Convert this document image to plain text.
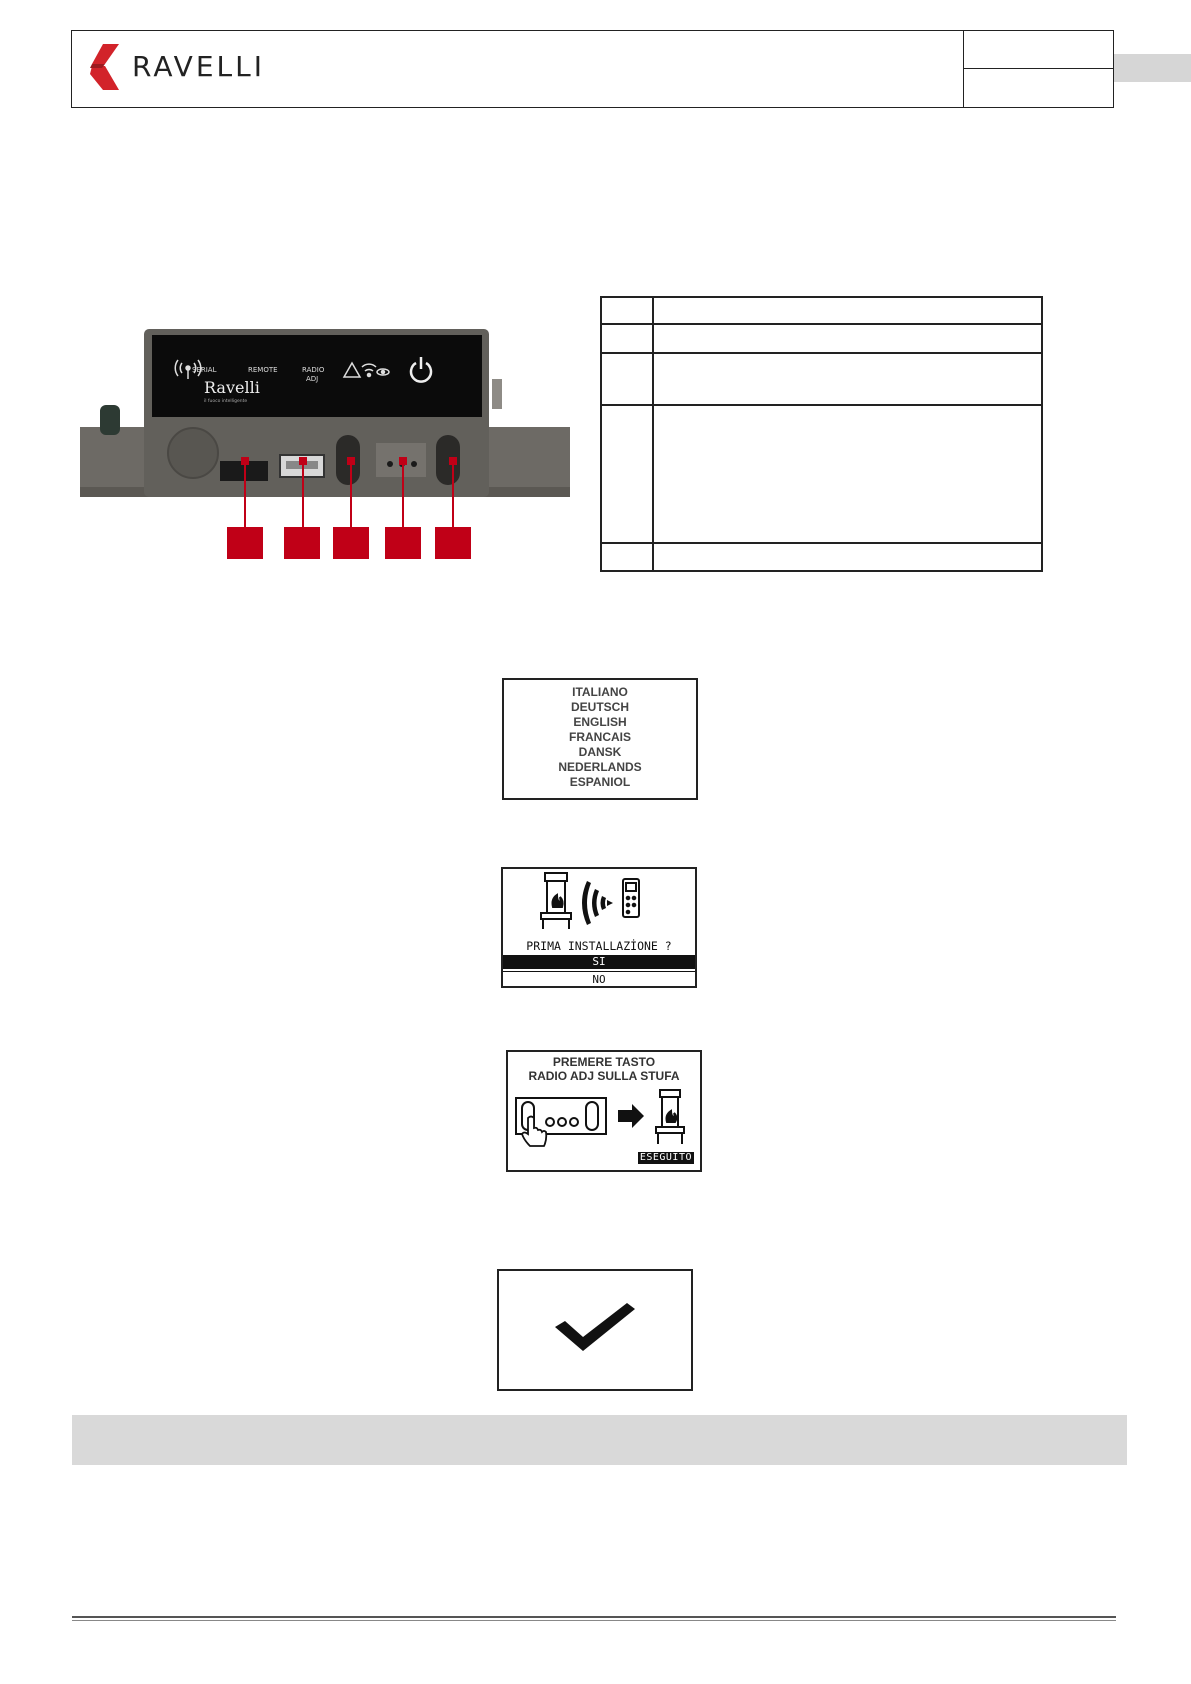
RAVELLI
SERIAL	REMOTE	RADIO
ADJ
Ravelli
il fuoco intelligente

ITALIANO
DEUTSCH
ENGLISH
FRANCAIS
DANSK
NEDERLANDS
ESPANIOL
PRIMA INSTALLAZİONE ?
SI
NO
PREMERE TASTO
RADIO ADJ SULLA STUFA
ESEGUITO
